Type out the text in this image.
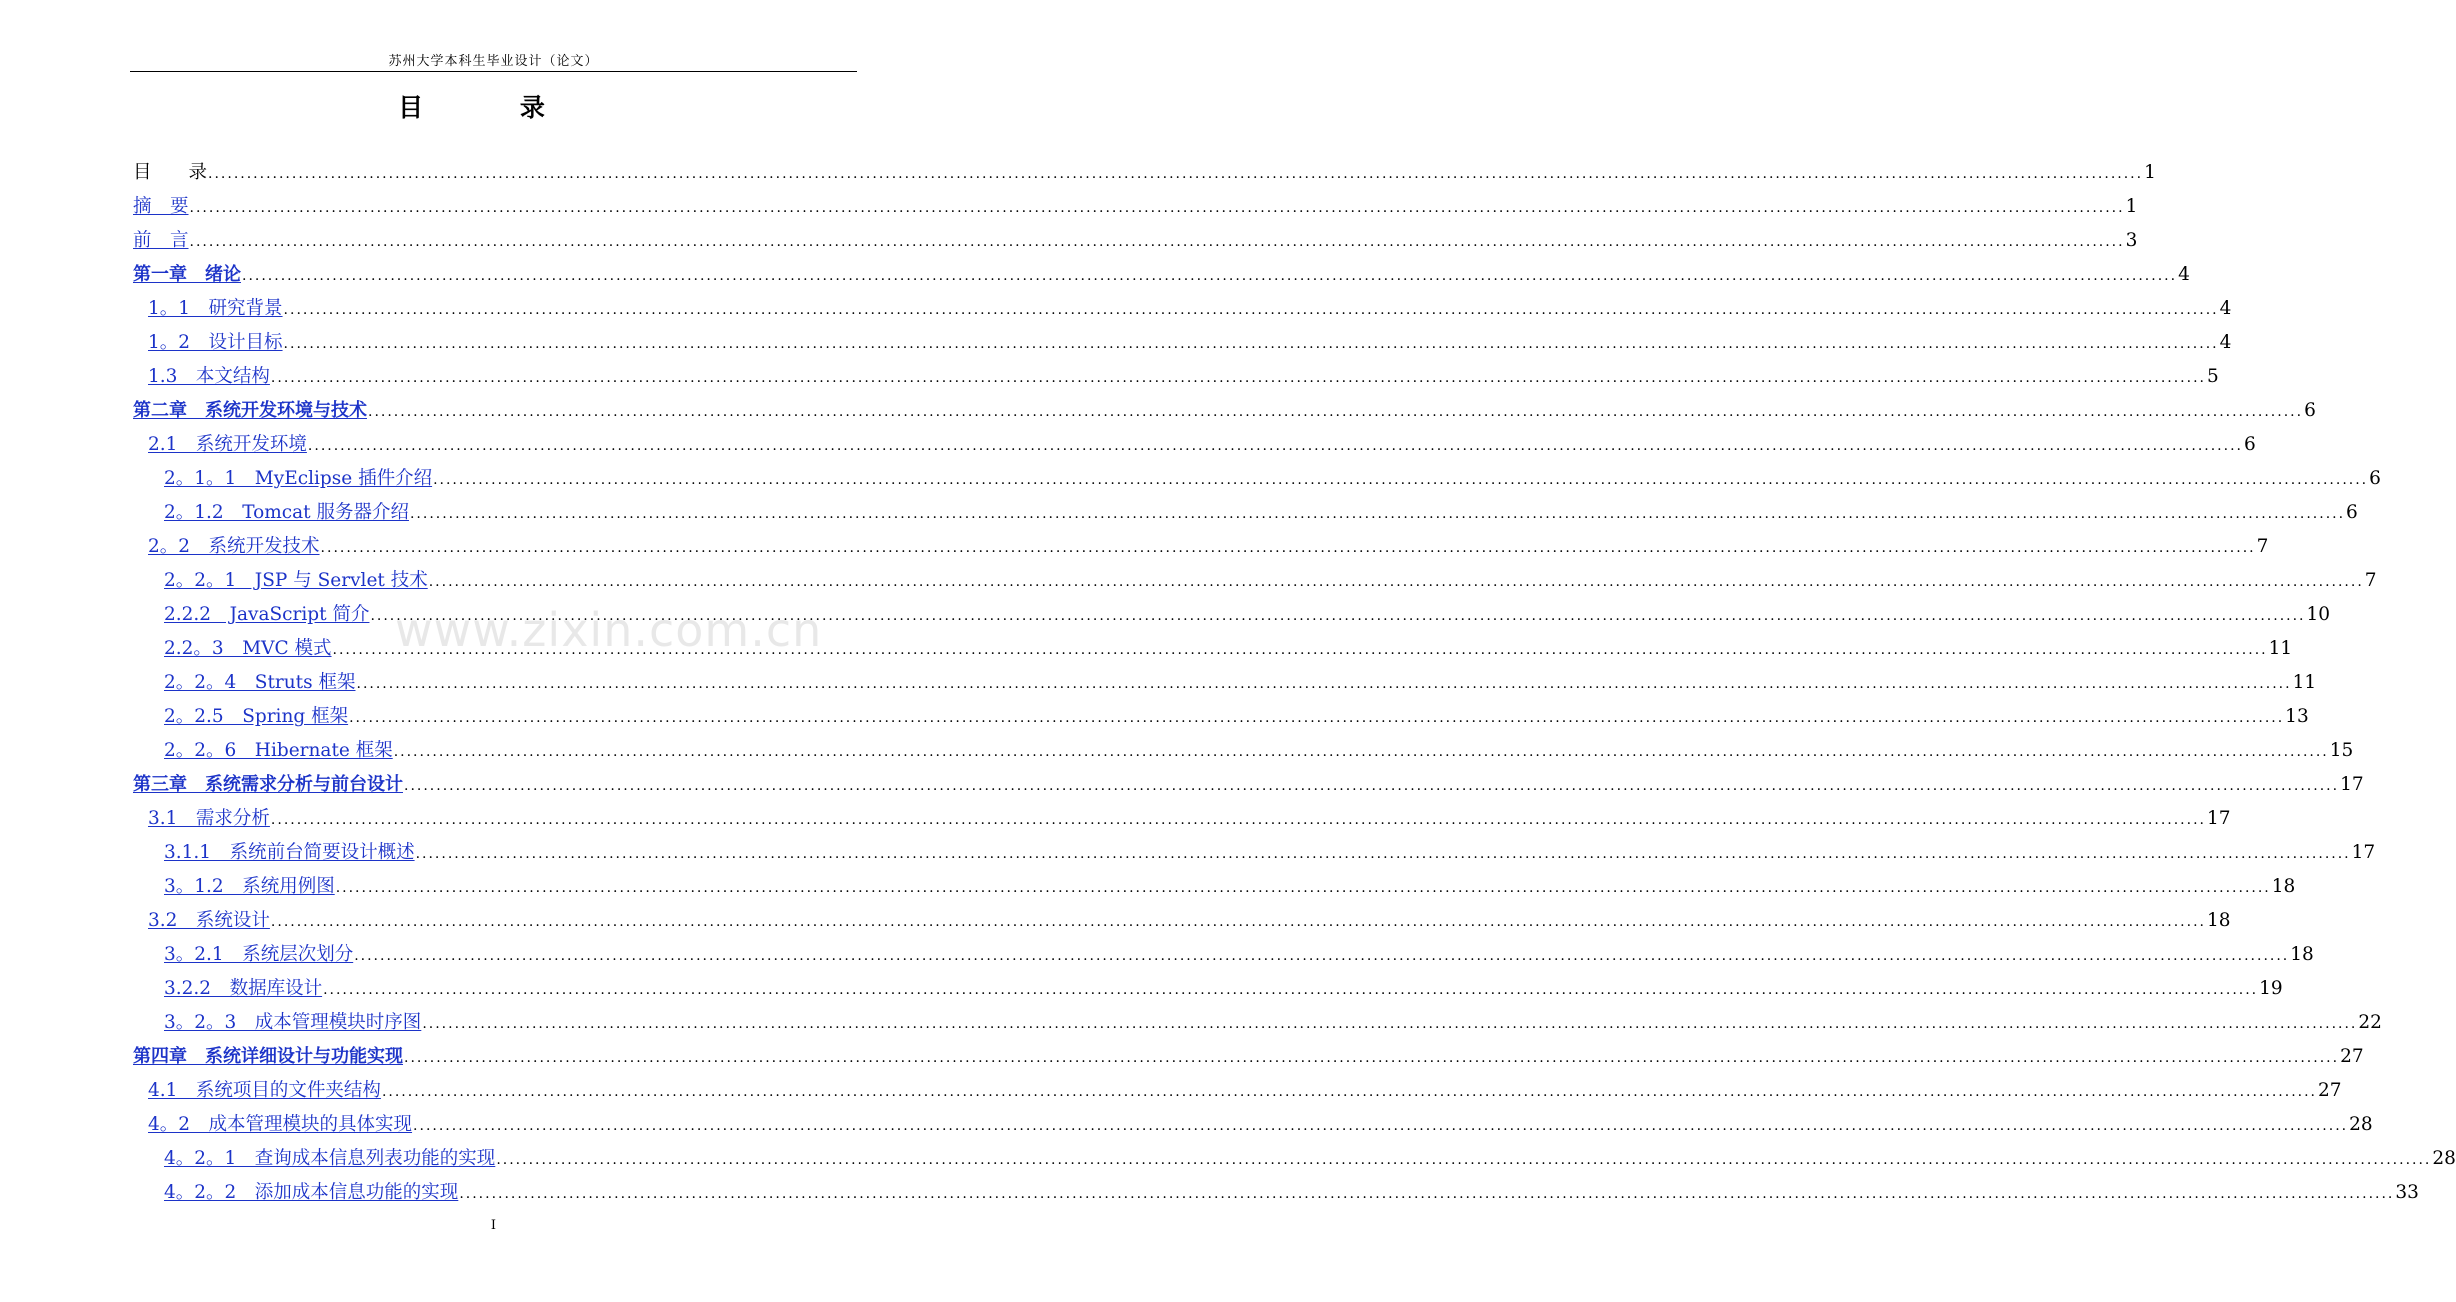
苏州大学本科生毕业设计（论文）
目 录
目　　录 ............................................................................................................................................................................................................................................................................................................ 1
摘　要 ............................................................................................................................................................................................................................................................................................................ 1
前　言 ............................................................................................................................................................................................................................................................................................................ 3
第一章　绪论 ............................................................................................................................................................................................................................................................................................................ 4
1。1　研究背景 ............................................................................................................................................................................................................................................................................................................ 4
1。2　设计目标 ............................................................................................................................................................................................................................................................................................................ 4
1.3　本文结构 ............................................................................................................................................................................................................................................................................................................ 5
第二章　系统开发环境与技术 ............................................................................................................................................................................................................................................................................................................ 6
2.1　系统开发环境 ............................................................................................................................................................................................................................................................................................................ 6
2。1。1　MyEclipse 插件介绍 ............................................................................................................................................................................................................................................................................................................ 6
2。1.2　Tomcat 服务器介绍 ............................................................................................................................................................................................................................................................................................................ 6
2。2　系统开发技术 ............................................................................................................................................................................................................................................................................................................ 7
2。2。1　JSP 与 Servlet 技术 ............................................................................................................................................................................................................................................................................................................ 7
2.2.2　JavaScript 简介 ............................................................................................................................................................................................................................................................................................................ 10
2.2。3　MVC 模式 ............................................................................................................................................................................................................................................................................................................ 11
2。2。4　Struts 框架 ............................................................................................................................................................................................................................................................................................................ 11
2。2.5　Spring 框架 ............................................................................................................................................................................................................................................................................................................ 13
2。2。6　Hibernate 框架 ............................................................................................................................................................................................................................................................................................................ 15
第三章　系统需求分析与前台设计 ............................................................................................................................................................................................................................................................................................................ 17
3.1　需求分析 ............................................................................................................................................................................................................................................................................................................ 17
3.1.1　系统前台简要设计概述 ............................................................................................................................................................................................................................................................................................................ 17
3。1.2　系统用例图 ............................................................................................................................................................................................................................................................................................................ 18
3.2　系统设计 ............................................................................................................................................................................................................................................................................................................ 18
3。2.1　系统层次划分 ............................................................................................................................................................................................................................................................................................................ 18
3.2.2　数据库设计 ............................................................................................................................................................................................................................................................................................................ 19
3。2。3　成本管理模块时序图 ............................................................................................................................................................................................................................................................................................................ 22
第四章　系统详细设计与功能实现 ............................................................................................................................................................................................................................................................................................................ 27
4.1　系统项目的文件夹结构 ............................................................................................................................................................................................................................................................................................................ 27
4。2　成本管理模块的具体实现 ............................................................................................................................................................................................................................................................................................................ 28
4。2。1　查询成本信息列表功能的实现 ............................................................................................................................................................................................................................................................................................................ 28
4。2。2　添加成本信息功能的实现 ............................................................................................................................................................................................................................................................................................................ 33
www.zixin.com.cn
I
